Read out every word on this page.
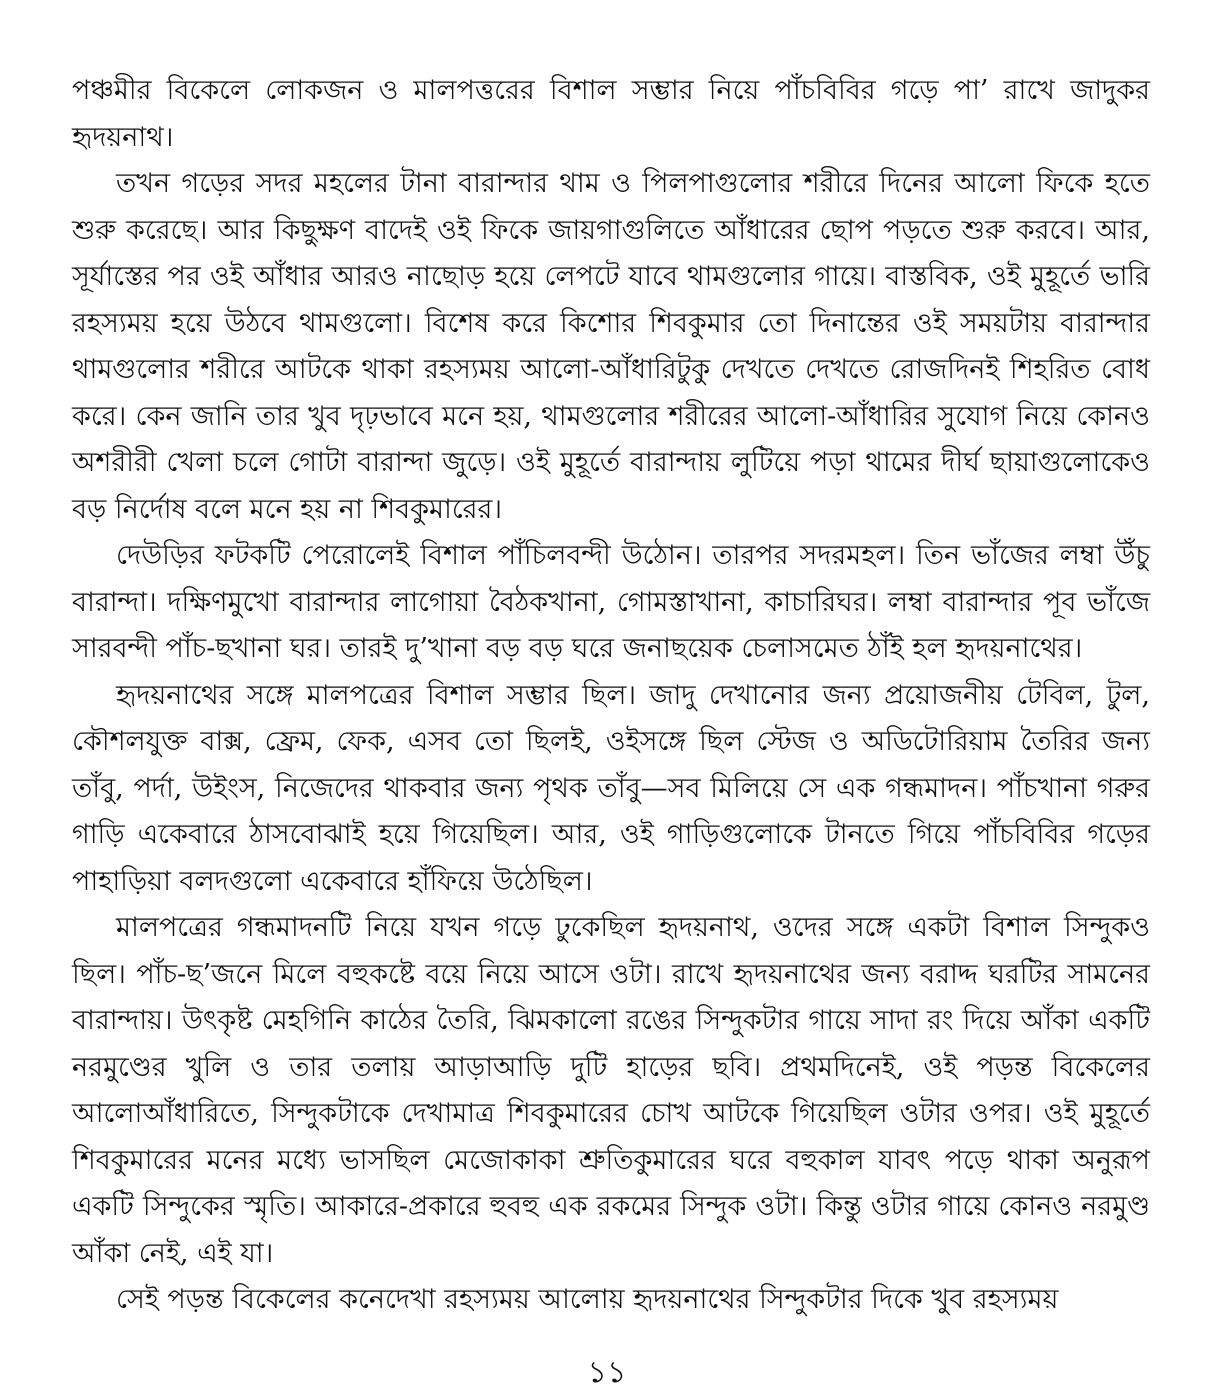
পঞ্চমীর বিকেলে লোকজন ও মালপত্তরের বিশাল সম্ভার নিয়ে পাঁচবিবির গড়ে পা’ রাখে জাদুকর হৃদয়নাথ।

তখন গড়ের সদর মহলের টানা বারান্দার থাম ও পিলপাগুলোর শরীরে দিনের আলো ফিকে হতে শুরু করেছে। আর কিছুক্ষণ বাদেই ওই ফিকে জায়গাগুলিতে আঁধারের ছোপ পড়তে শুরু করবে। আর, সূর্যাস্তের পর ওই আঁধার আরও নাছোড় হয়ে লেপটে যাবে থামগুলোর গায়ে। বাস্তবিক, ওই মুহূর্তে ভারি রহস্যময় হয়ে উঠবে থামগুলো। বিশেষ করে কিশোর শিবকুমার তো দিনান্তের ওই সময়টায় বারান্দার থামগুলোর শরীরে আটকে থাকা রহস্যময় আলো-আঁধারিটুকু দেখতে দেখতে রোজদিনই শিহরিত বোধ করে। কেন জানি তার খুব দৃঢ়ভাবে মনে হয়, থামগুলোর শরীরের আলো-আঁধারির সুযোগ নিয়ে কোনও অশরীরী খেলা চলে গোটা বারান্দা জুড়ে। ওই মুহূর্তে বারান্দায় লুটিয়ে পড়া থামের দীর্ঘ ছায়াগুলোকেও বড় নির্দোষ বলে মনে হয় না শিবকুমারের।

দেউড়ির ফটকটি পেরোলেই বিশাল পাঁচিলবন্দী উঠোন। তারপর সদরমহল। তিন ভাঁজের লম্বা উঁচু বারান্দা। দক্ষিণমুখো বারান্দার লাগোয়া বৈঠকখানা, গোমস্তাখানা, কাচারিঘর। লম্বা বারান্দার পূব ভাঁজে সারবন্দী পাঁচ-ছখানা ঘর। তারই দু’খানা বড় বড় ঘরে জনাছয়েক চেলাসমেত ঠাঁই হল হৃদয়নাথের।

হৃদয়নাথের সঙ্গে মালপত্রের বিশাল সম্ভার ছিল। জাদু দেখানোর জন্য প্রয়োজনীয় টেবিল, টুল, কৌশলযুক্ত বাক্স, ফ্রেম, ফেক, এসব তো ছিলই, ওইসঙ্গে ছিল স্টেজ ও অডিটোরিয়াম তৈরির জন্য তাঁবু, পর্দা, উইংস, নিজেদের থাকবার জন্য পৃথক তাঁবু—সব মিলিয়ে সে এক গন্ধমাদন। পাঁচখানা গরুর গাড়ি একেবারে ঠাসবোঝাই হয়ে গিয়েছিল। আর, ওই গাড়িগুলোকে টানতে গিয়ে পাঁচবিবির গড়ের পাহাড়িয়া বলদগুলো একেবারে হাঁফিয়ে উঠেছিল।

মালপত্রের গন্ধমাদনটি নিয়ে যখন গড়ে ঢুকেছিল হৃদয়নাথ, ওদের সঙ্গে একটা বিশাল সিন্দুকও ছিল। পাঁচ-ছ’জনে মিলে বহুকষ্টে বয়ে নিয়ে আসে ওটা। রাখে হৃদয়নাথের জন্য বরাদ্দ ঘরটির সামনের বারান্দায়। উৎকৃষ্ট মেহগিনি কাঠের তৈরি, ঝিমকালো রঙের সিন্দুকটার গায়ে সাদা রং দিয়ে আঁকা একটি নরমুণ্ডের খুলি ও তার তলায় আড়াআড়ি দুটি হাড়ের ছবি। প্রথমদিনেই, ওই পড়ন্ত বিকেলের আলোআঁধারিতে, সিন্দুকটাকে দেখামাত্র শিবকুমারের চোখ আটকে গিয়েছিল ওটার ওপর। ওই মুহূর্তে শিবকুমারের মনের মধ্যে ভাসছিল মেজোকাকা শ্রুতিকুমারের ঘরে বহুকাল যাবৎ পড়ে থাকা অনুরূপ একটি সিন্দুকের স্মৃতি। আকারে-প্রকারে হুবহু এক রকমের সিন্দুক ওটা। কিন্তু ওটার গায়ে কোনও নরমুণ্ড আঁকা নেই, এই যা।

সেই পড়ন্ত বিকেলের কনেদেখা রহস্যময় আলোয় হৃদয়নাথের সিন্দুকটার দিকে খুব রহস্যময়

১১
